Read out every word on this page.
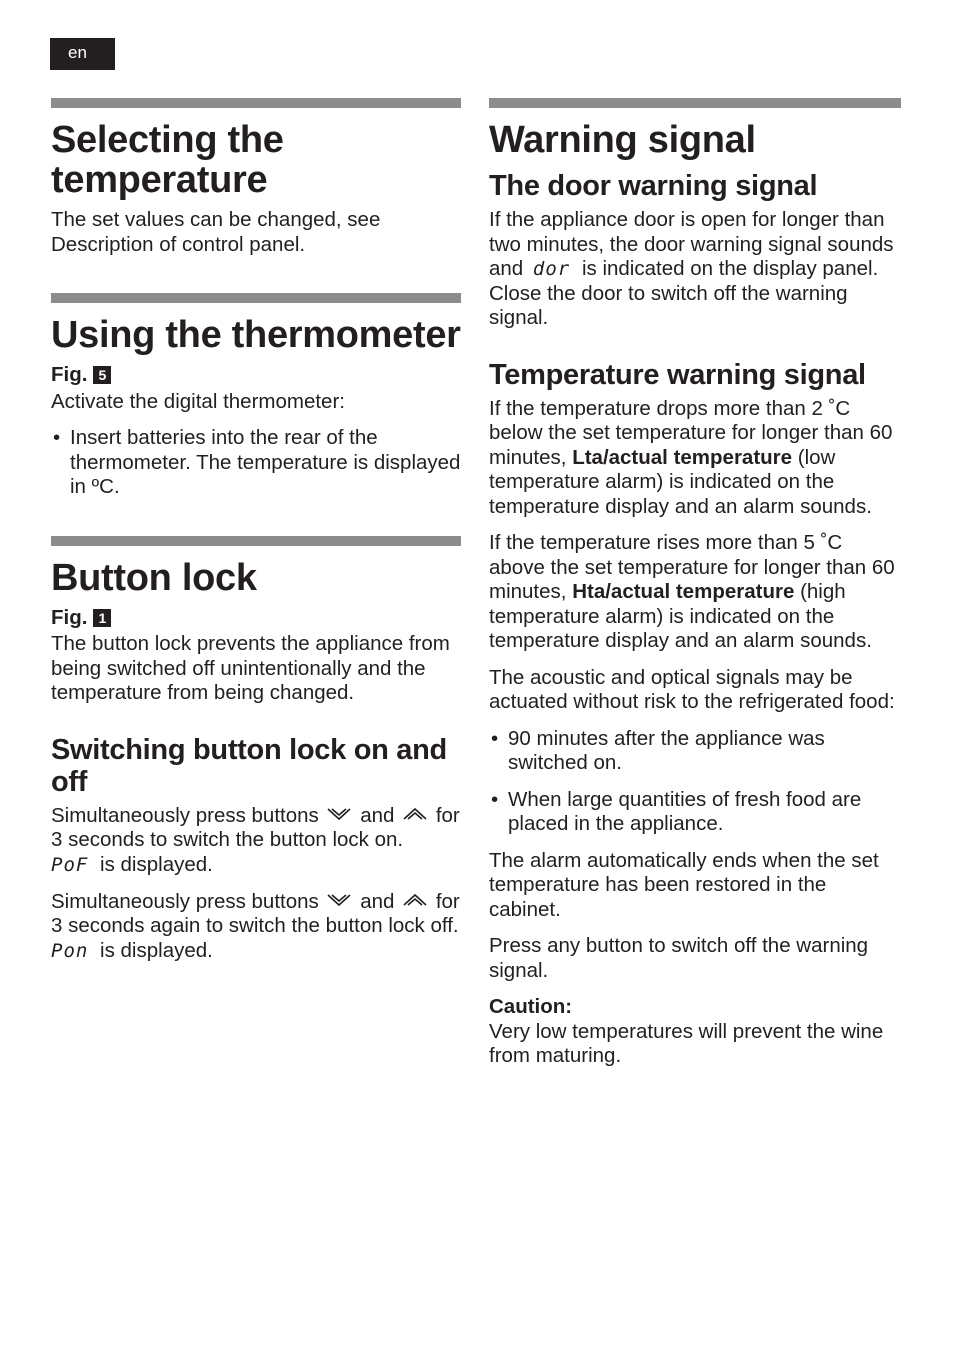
en
Selecting the temperature

The set values can be changed, see Description of control panel.

Using the thermometer

Fig. 5

Activate the digital thermometer:

• Insert batteries into the rear of the thermometer. The temperature is displayed in ºC.
Button lock

Fig. 1

The button lock prevents the appliance from being switched off unintentionally and the temperature from being changed.

Switching button lock on and off

Simultaneously press buttons and for 3 seconds to switch the button lock on.
PoF is displayed.

Simultaneously press buttons and for 3 seconds again to switch the button lock off.
Pon is displayed.

Warning signal
The door warning signal

If the appliance door is open for longer than two minutes, the door warning signal sounds and dor is indicated on the display panel. Close the door to switch off the warning signal.

Temperature warning signal

If the temperature drops more than 2 ˚C below the set temperature for longer than 60 minutes, Lta/actual temperature (low temperature alarm) is indicated on the temperature display and an alarm sounds.

If the temperature rises more than 5 ˚C above the set temperature for longer than 60 minutes, Hta/actual temperature (high temperature alarm) is indicated on the temperature display and an alarm sounds.

The acoustic and optical signals may be actuated without risk to the refrigerated food:

• 90 minutes after the appliance was switched on.
• When large quantities of fresh food are placed in the appliance.

The alarm automatically ends when the set temperature has been restored in the cabinet.

Press any button to switch off the warning signal.

Caution:

Very low temperatures will prevent the wine from maturing.
